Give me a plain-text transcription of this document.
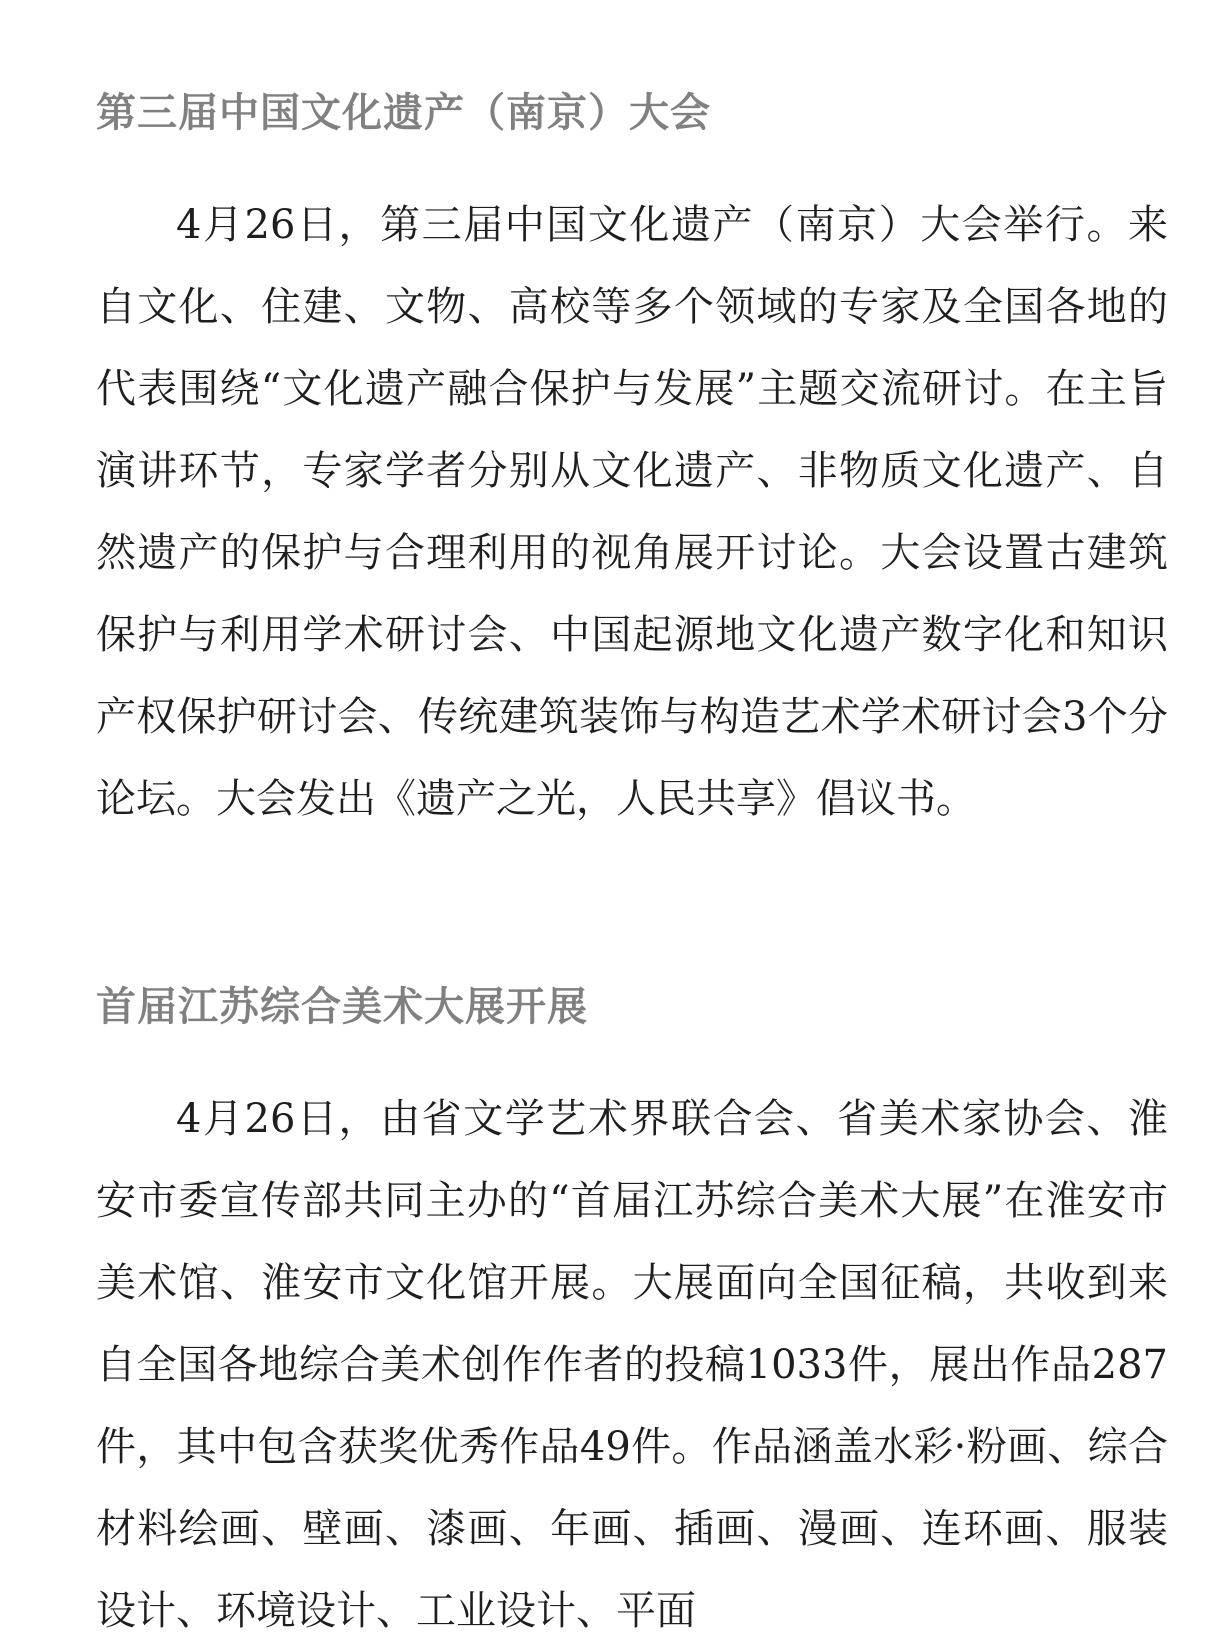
第三届中国文化遗产（南京）大会

4月26日，第三届中国文化遗产（南京）大会举行。来自文化、住建、文物、高校等多个领域的专家及全国各地的代表围绕“文化遗产融合保护与发展”主题交流研讨。在主旨演讲环节，专家学者分别从文化遗产、非物质文化遗产、自然遗产的保护与合理利用的视角展开讨论。大会设置古建筑保护与利用学术研讨会、中国起源地文化遗产数字化和知识产权保护研讨会、传统建筑装饰与构造艺术学术研讨会3个分论坛。大会发出《遗产之光，人民共享》倡议书。

首届江苏综合美术大展开展

4月26日，由省文学艺术界联合会、省美术家协会、淮安市委宣传部共同主办的“首届江苏综合美术大展”在淮安市美术馆、淮安市文化馆开展。大展面向全国征稿，共收到来自全国各地综合美术创作作者的投稿1033件，展出作品287件，其中包含获奖优秀作品49件。作品涵盖水彩·粉画、综合材料绘画、壁画、漆画、年画、插画、漫画、连环画、服装设计、环境设计、工业设计、平面
